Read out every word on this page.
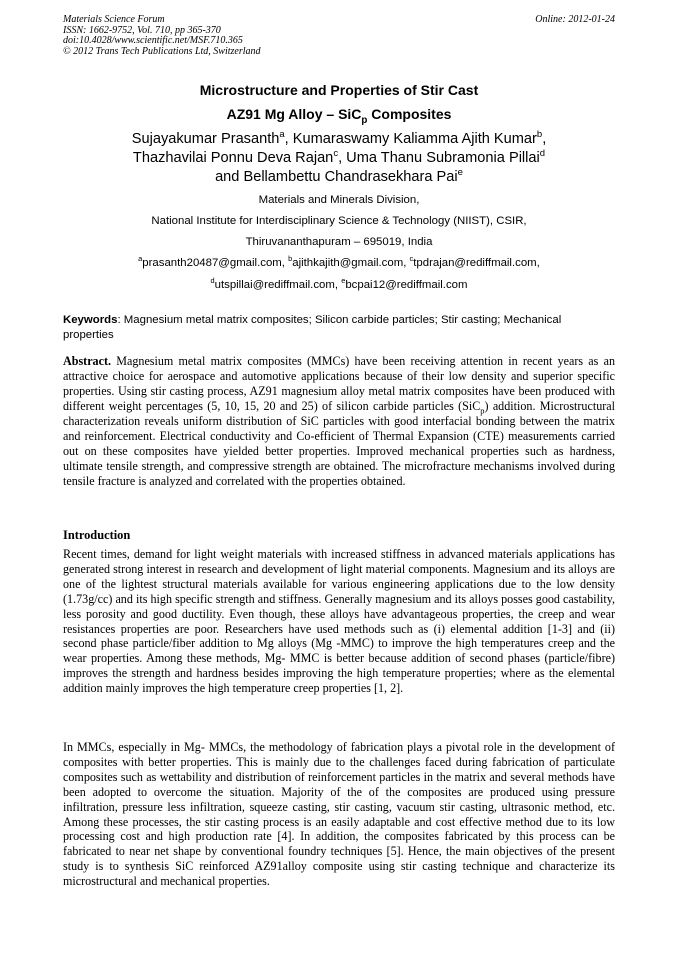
Materials Science Forum
ISSN: 1662-9752, Vol. 710, pp 365-370
doi:10.4028/www.scientific.net/MSF.710.365
© 2012 Trans Tech Publications Ltd, Switzerland
Online: 2012-01-24
Microstructure and Properties of Stir Cast
AZ91 Mg Alloy – SiC$_p$ Composites
Sujayakumar Prasanth$^a$, Kumaraswamy Kaliamma Ajith Kumar$^b$,
Thazhavilai Ponnu Deva Rajan$^c$, Uma Thanu Subramonia Pillai$^d$
and Bellambettu Chandrasekhara Pai$^e$
Materials and Minerals Division,
National Institute for Interdisciplinary Science & Technology (NIIST), CSIR,
Thiruvananthapuram – 695019, India
$^a$prasanth20487@gmail.com, $^b$ajithkajith@gmail.com, $^c$tpdrajan@rediffmail.com,
$^d$utspillai@rediffmail.com, $^e$bcpai12@rediffmail.com
Keywords: Magnesium metal matrix composites; Silicon carbide particles; Stir casting; Mechanical properties
Abstract. Magnesium metal matrix composites (MMCs) have been receiving attention in recent years as an attractive choice for aerospace and automotive applications because of their low density and superior specific properties. Using stir casting process, AZ91 magnesium alloy metal matrix composites have been produced with different weight percentages (5, 10, 15, 20 and 25) of silicon carbide particles (SiC$_p$) addition. Microstructural characterization reveals uniform distribution of SiC particles with good interfacial bonding between the matrix and reinforcement. Electrical conductivity and Co-efficient of Thermal Expansion (CTE) measurements carried out on these composites have yielded better properties. Improved mechanical properties such as hardness, ultimate tensile strength, and compressive strength are obtained. The microfracture mechanisms involved during tensile fracture is analyzed and correlated with the properties obtained.
Introduction
Recent times, demand for light weight materials with increased stiffness in advanced materials applications has generated strong interest in research and development of light material components. Magnesium and its alloys are one of the lightest structural materials available for various engineering applications due to the low density (1.73g/cc) and its high specific strength and stiffness. Generally magnesium and its alloys posses good castability, less porosity and good ductility. Even though, these alloys have advantageous properties, the creep and wear resistances properties are poor. Researchers have used methods such as (i) elemental addition [1-3] and (ii) second phase particle/fiber addition to Mg alloys (Mg -MMC) to improve the high temperatures creep and the wear properties. Among these methods, Mg- MMC is better because addition of second phases (particle/fibre) improves the strength and hardness besides improving the high temperature properties; where as the elemental addition mainly improves the high temperature creep properties [1, 2].
In MMCs, especially in Mg- MMCs, the methodology of fabrication plays a pivotal role in the development of composites with better properties. This is mainly due to the challenges faced during fabrication of particulate composites such as wettability and distribution of reinforcement particles in the matrix and several methods have been adopted to overcome the situation. Majority of the of the composites are produced using pressure infiltration, pressure less infiltration, squeeze casting, stir casting, vacuum stir casting, ultrasonic method, etc. Among these processes, the stir casting process is an easily adaptable and cost effective method due to its low processing cost and high production rate [4]. In addition, the composites fabricated by this process can be fabricated to near net shape by conventional foundry techniques [5]. Hence, the main objectives of the present study is to synthesis SiC reinforced AZ91alloy composite using stir casting technique and characterize its microstructural and mechanical properties.
